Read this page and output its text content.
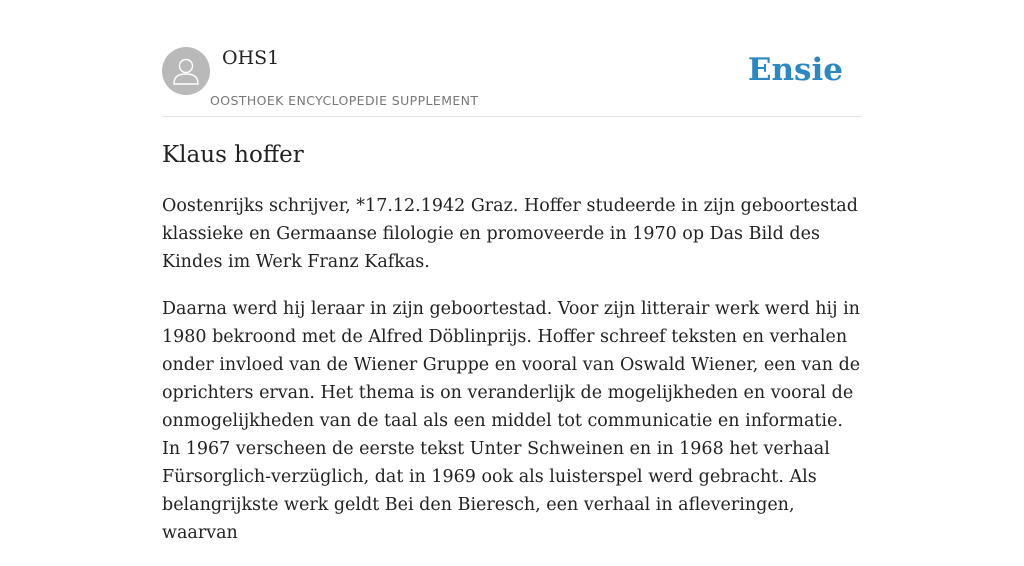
OHS1
OOSTHOEK ENCYCLOPEDIE SUPPLEMENT
Ensie
Klaus hoffer

Oostenrijks schrijver, *17.12.1942 Graz. Hoffer studeerde in zijn geboortestad klassieke en Germaanse filologie en promoveerde in 1970 op Das Bild des Kindes im Werk Franz Kafkas.

Daarna werd hij leraar in zijn geboortestad. Voor zijn litterair werk werd hij in 1980 bekroond met de Alfred Döblinprijs. Hoffer schreef teksten en verhalen onder invloed van de Wiener Gruppe en vooral van Oswald Wiener, een van de oprichters ervan. Het thema is on veranderlijk de mogelijkheden en vooral de onmogelijkheden van de taal als een middel tot communicatie en informatie. In 1967 verscheen de eerste tekst Unter Schweinen en in 1968 het verhaal Fürsorglich-verzüglich, dat in 1969 ook als luisterspel werd gebracht. Als belangrijkste werk geldt Bei den Bieresch, een verhaal in afleveringen, waarvan
